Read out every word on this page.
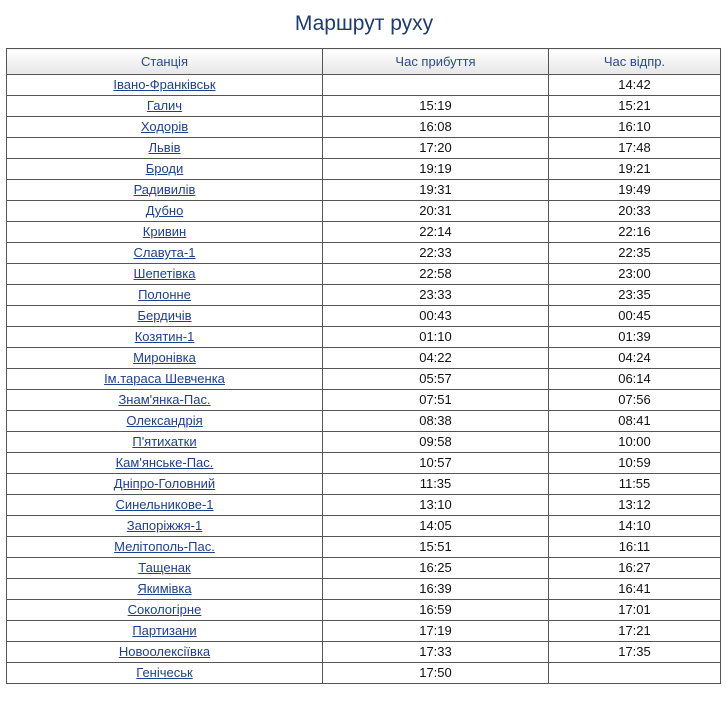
Маршрут руху
Станція	Час прибуття	Час відпр.
Івано-Франківськ		14:42
Галич	15:19	15:21
Ходорів	16:08	16:10
Львів	17:20	17:48
Броди	19:19	19:21
Радивилів	19:31	19:49
Дубно	20:31	20:33
Кривин	22:14	22:16
Славута-1	22:33	22:35
Шепетівка	22:58	23:00
Полонне	23:33	23:35
Бердичів	00:43	00:45
Козятин-1	01:10	01:39
Миронівка	04:22	04:24
Ім.тараса Шевченка	05:57	06:14
Знам'янка-Пас.	07:51	07:56
Олександрія	08:38	08:41
П'ятихатки	09:58	10:00
Кам'янське-Пас.	10:57	10:59
Дніпро-Головний	11:35	11:55
Синельникове-1	13:10	13:12
Запоріжжя-1	14:05	14:10
Мелітополь-Пас.	15:51	16:11
Тащенак	16:25	16:27
Якимівка	16:39	16:41
Сокологірне	16:59	17:01
Партизани	17:19	17:21
Новоолексіївка	17:33	17:35
Генічеськ	17:50	
